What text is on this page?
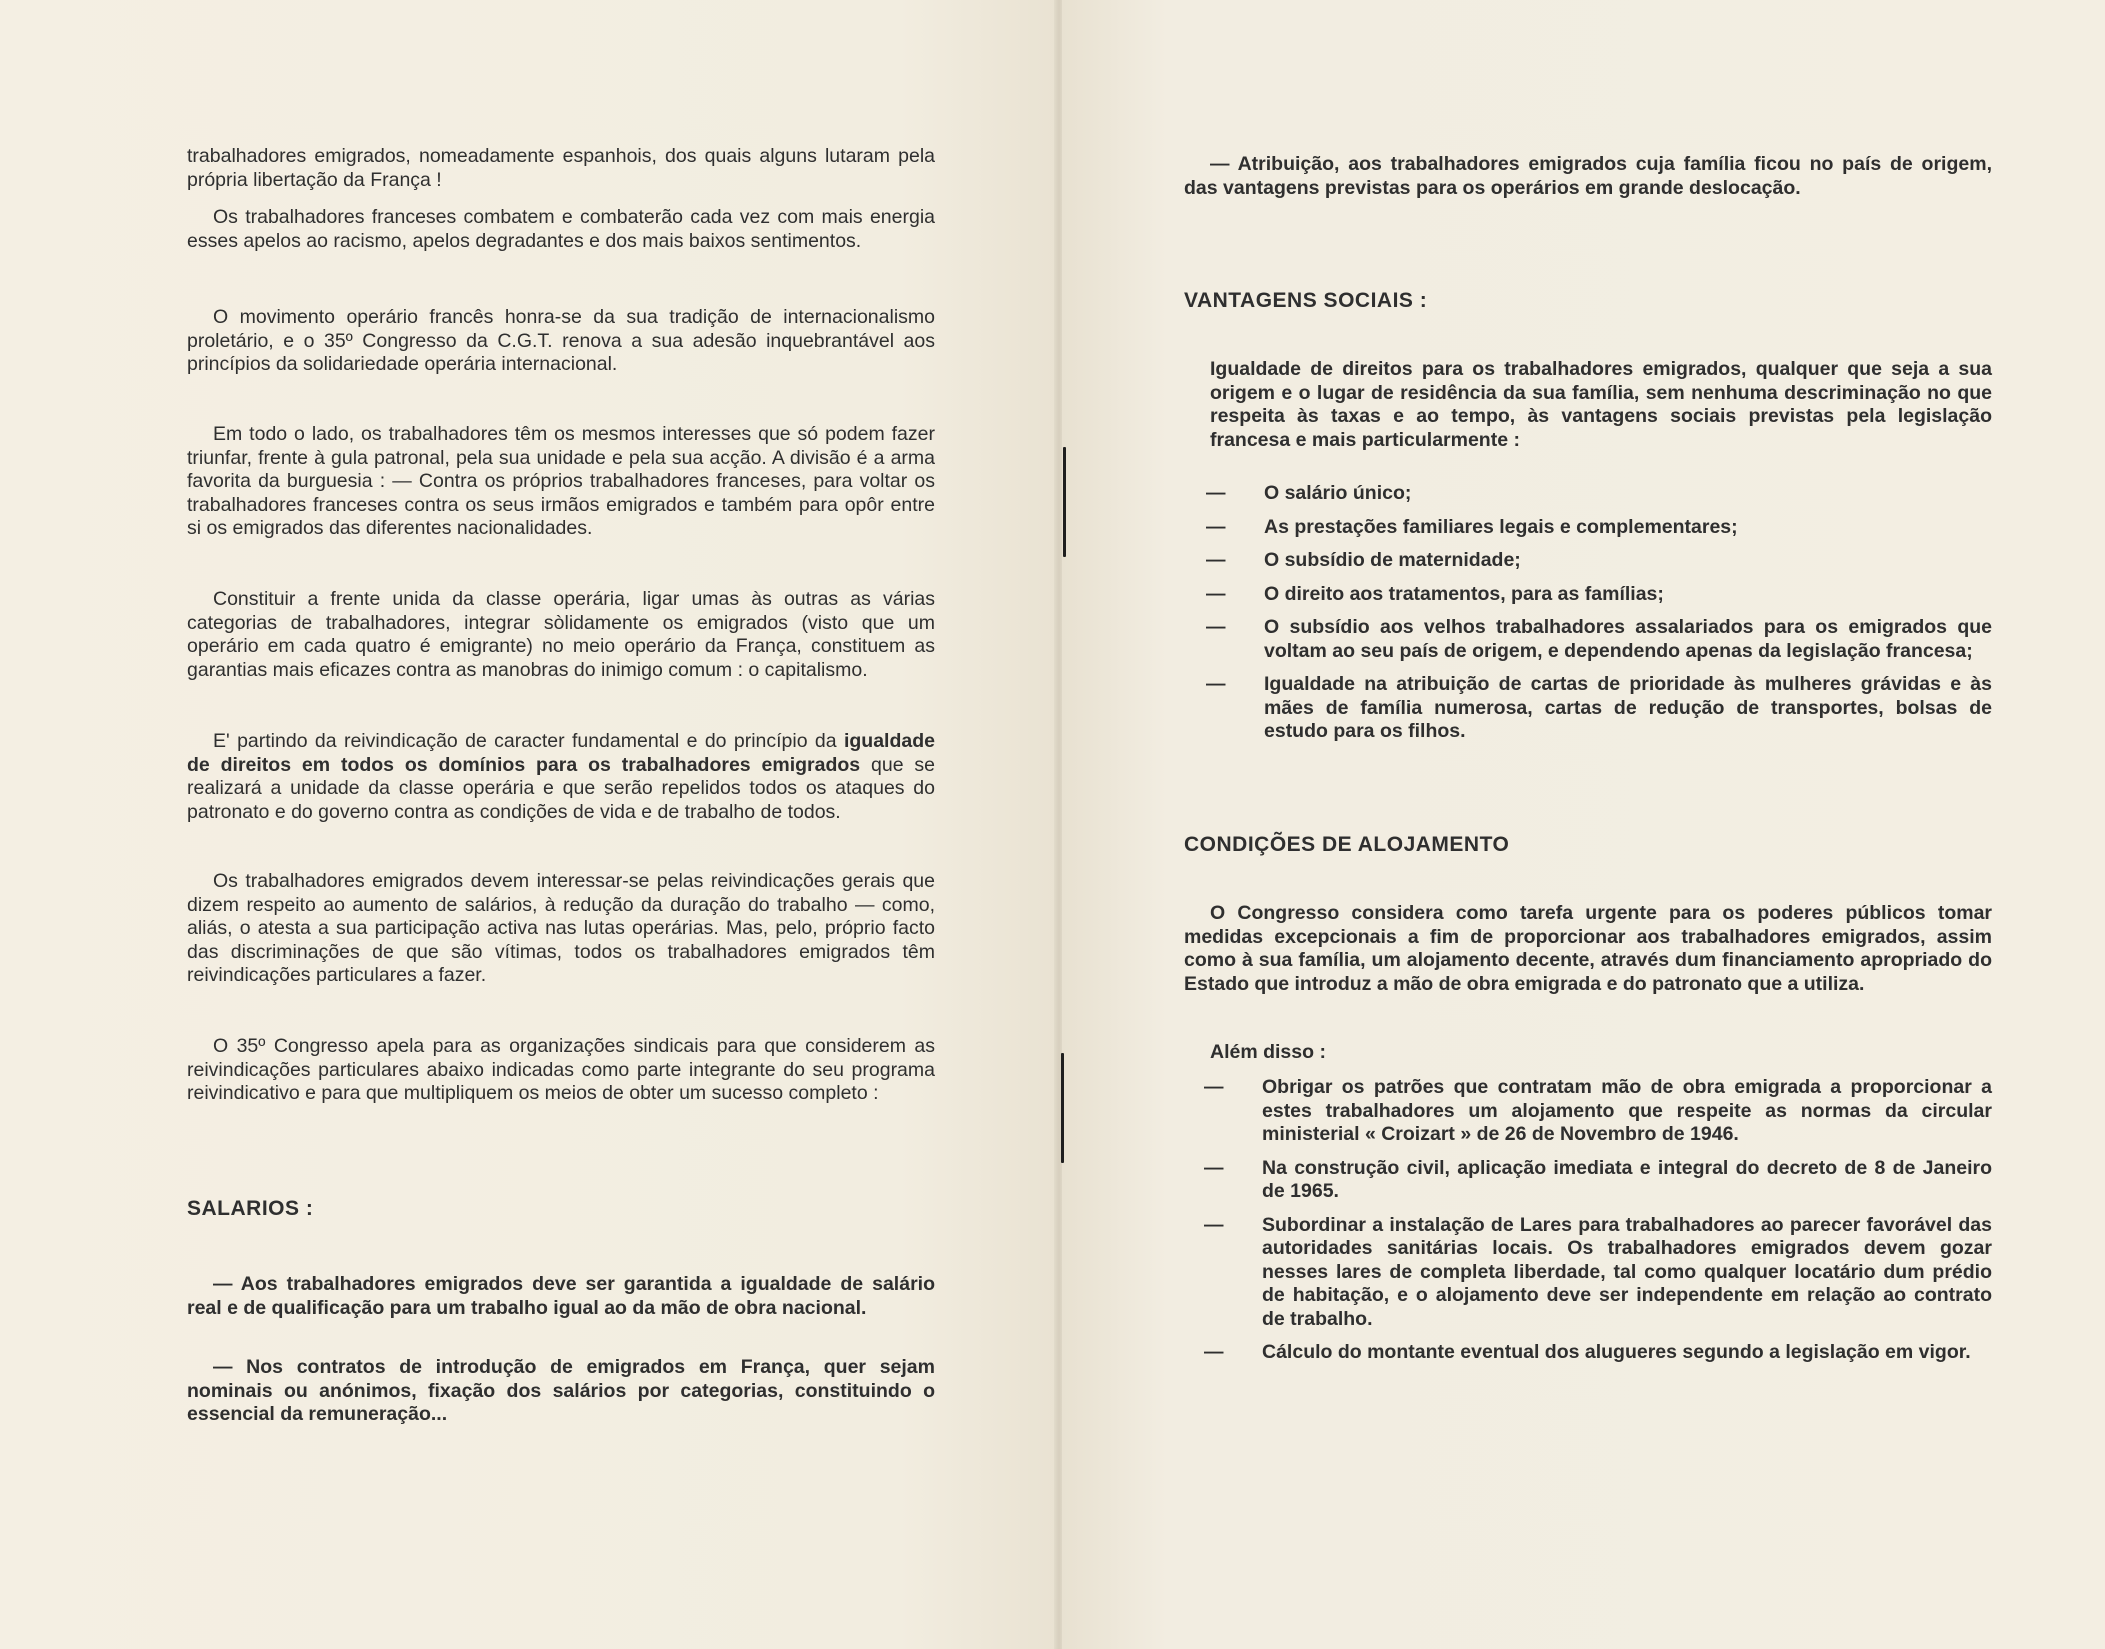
trabalhadores emigrados, nomeadamente espanhois, dos quais alguns lutaram pela própria libertação da França !

Os trabalhadores franceses combatem e combaterão cada vez com mais energia esses apelos ao racismo, apelos degradantes e dos mais baixos sentimentos.

O movimento operário francês honra-se da sua tradição de internacionalismo proletário, e o 35º Congresso da C.G.T. renova a sua adesão inquebrantável aos princípios da solidariedade operária internacional.

Em todo o lado, os trabalhadores têm os mesmos interesses que só podem fazer triunfar, frente à gula patronal, pela sua unidade e pela sua acção. A divisão é a arma favorita da burguesia : — Contra os próprios trabalhadores franceses, para voltar os trabalhadores franceses contra os seus irmãos emigrados e também para opôr entre si os emigrados das diferentes nacionalidades.

Constituir a frente unida da classe operária, ligar umas às outras as várias categorias de trabalhadores, integrar sòlidamente os emigrados (visto que um operário em cada quatro é emigrante) no meio operário da França, constituem as garantias mais eficazes contra as manobras do inimigo comum : o capitalismo.

E' partindo da reivindicação de caracter fundamental e do princípio da igualdade de direitos em todos os domínios para os trabalhadores emigrados que se realizará a unidade da classe operária e que serão repelidos todos os ataques do patronato e do governo contra as condições de vida e de trabalho de todos.

Os trabalhadores emigrados devem interessar-se pelas reivindicações gerais que dizem respeito ao aumento de salários, à redução da duração do trabalho — como, aliás, o atesta a sua participação activa nas lutas operárias. Mas, pelo, próprio facto das discriminações de que são vítimas, todos os trabalhadores emigrados têm reivindicações particulares a fazer.

O 35º Congresso apela para as organizações sindicais para que considerem as reivindicações particulares abaixo indicadas como parte integrante do seu programa reivindicativo e para que multipliquem os meios de obter um sucesso completo :

SALARIOS :

— Aos trabalhadores emigrados deve ser garantida a igualdade de salário real e de qualificação para um trabalho igual ao da mão de obra nacional.

— Nos contratos de introdução de emigrados em França, quer sejam nominais ou anónimos, fixação dos salários por categorias, constituindo o essencial da remuneração...

— Atribuição, aos trabalhadores emigrados cuja família ficou no país de origem, das vantagens previstas para os operários em grande deslocação.

VANTAGENS SOCIAIS :

Igualdade de direitos para os trabalhadores emigrados, qualquer que seja a sua origem e o lugar de residência da sua família, sem nenhuma descriminação no que respeita às taxas e ao tempo, às vantagens sociais previstas pela legislação francesa e mais particularmente :

— O salário único;
— As prestações familiares legais e complementares;
— O subsídio de maternidade;
— O direito aos tratamentos, para as famílias;
— O subsídio aos velhos trabalhadores assalariados para os emigrados que voltam ao seu país de origem, e dependendo apenas da legislação francesa;
— Igualdade na atribuição de cartas de prioridade às mulheres grávidas e às mães de família numerosa, cartas de redução de transportes, bolsas de estudo para os filhos.
CONDIÇÕES DE ALOJAMENTO

O Congresso considera como tarefa urgente para os poderes públicos tomar medidas excepcionais a fim de proporcionar aos trabalhadores emigrados, assim como à sua família, um alojamento decente, através dum financiamento apropriado do Estado que introduz a mão de obra emigrada e do patronato que a utiliza.

Além disso :

— Obrigar os patrões que contratam mão de obra emigrada a proporcionar a estes trabalhadores um alojamento que respeite as normas da circular ministerial « Croizart » de 26 de Novembro de 1946.
— Na construção civil, aplicação imediata e integral do decreto de 8 de Janeiro de 1965.
— Subordinar a instalação de Lares para trabalhadores ao parecer favorável das autoridades sanitárias locais. Os trabalhadores emigrados devem gozar nesses lares de completa liberdade, tal como qualquer locatário dum prédio de habitação, e o alojamento deve ser independente em relação ao contrato de trabalho.
— Cálculo do montante eventual dos alugueres segundo a legislação em vigor.
